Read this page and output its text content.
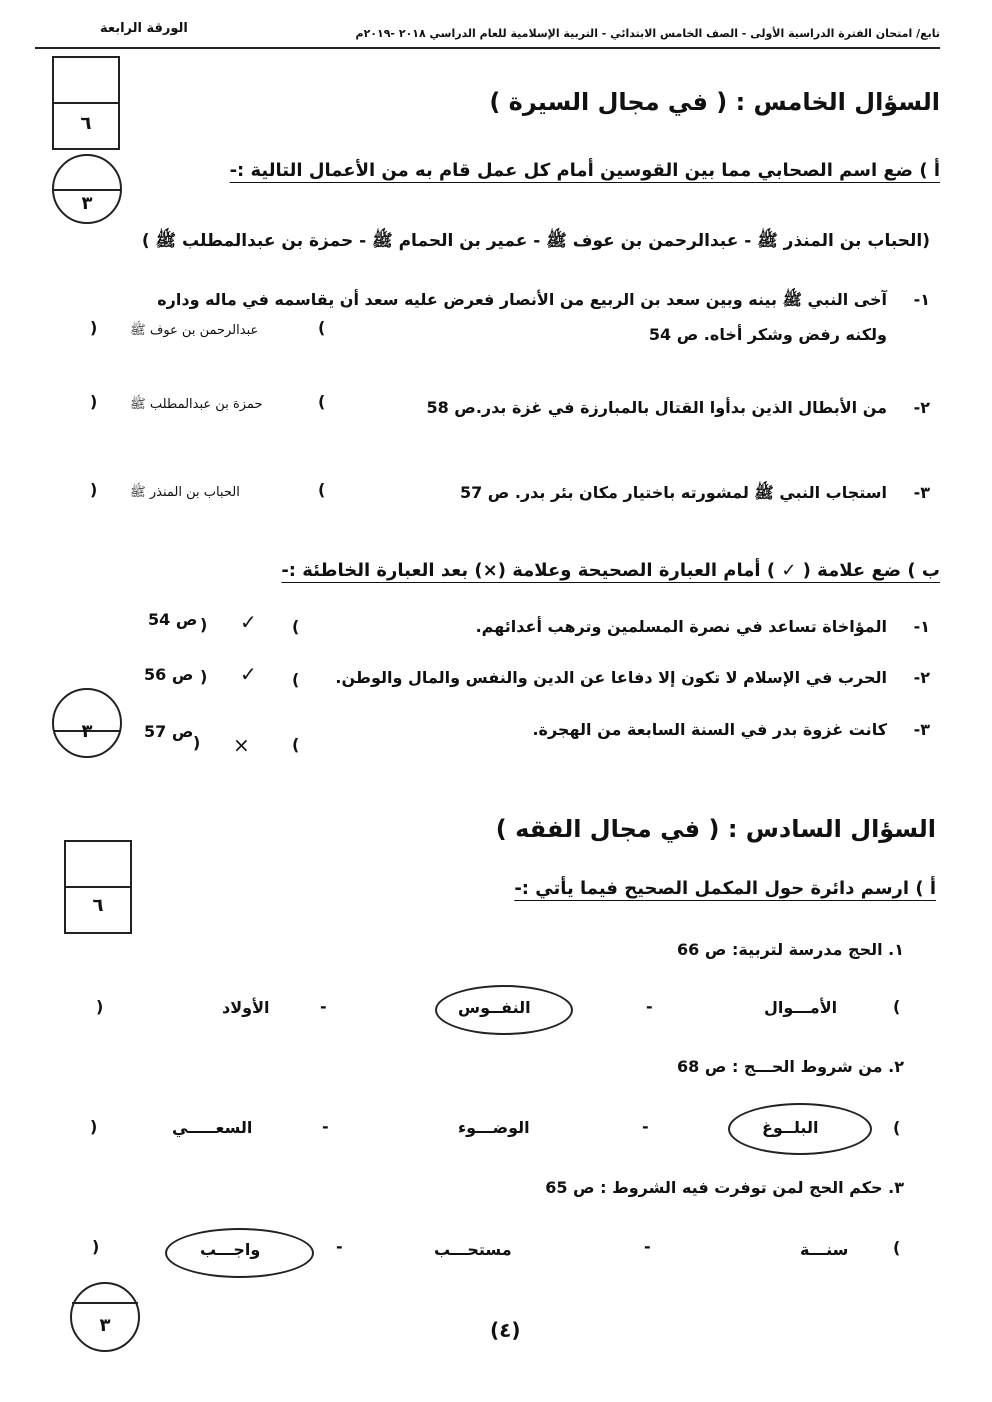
الورقة الرابعة	تابع/ امتحان الفترة الدراسية الأولى - الصف الخامس الابتدائي - التربية الإسلامية للعام الدراسي ٢٠١٨ -٢٠١٩م
٦
٣
السؤال الخامس : ( في مجال السيرة )
أ ) ضع اسم الصحابي مما بين القوسين أمام كل عمل قام به من الأعمال التالية :-
(الحباب بن المنذر ﷺ - عبدالرحمن بن عوف ﷺ - عمير بن الحمام ﷺ - حمزة بن عبدالمطلب ﷺ )
١-
آخى النبي ﷺ بينه وبين سعد بن الربيع من الأنصار فعرض عليه سعد أن يقاسمه في ماله وداره
ولكنه رفض وشكر أخاه. ص 54
(
عبدالرحمن بن عوف ﷺ
)
٢-
من الأبطال الذين بدأوا القتال بالمبارزة في غزة بدر.ص 58
(
حمزة بن عبدالمطلب ﷺ
)
٣-
استجاب النبي ﷺ لمشورته باختيار مكان بئر بدر. ص 57
(
الحباب بن المنذر ﷺ
)
ب ) ضع علامة ( ✓ ) أمام العبارة الصحيحة وعلامة (×) بعد العبارة الخاطئة :-
١-
المؤاخاة تساعد في نصرة المسلمين وترهب أعدائهم.
(
✓
)
ص 54
٢-
الحرب في الإسلام لا تكون إلا دفاعا عن الدين والنفس والمال والوطن.
(
✓
)
ص 56
٣-
كانت غزوة بدر في السنة السابعة من الهجرة.
(
×
)
ص 57
٣
السؤال السادس : ( في مجال الفقه )
٦
أ ) ارسم دائرة حول المكمل الصحيح فيما يأتي :-
١. الحج مدرسة لتربية: ص 66
(
الأمـــوال
-
النفــوس
-
الأولاد
)
٢. من شروط الحـــج : ص 68
(
البلــوغ
-
الوضـــوء
-
السعـــــي
)
٣. حكم الحج لمن توفرت فيه الشروط : ص 65
(
سنـــة
-
مستحـــب
-
واجـــب
)
٣	(٤)
